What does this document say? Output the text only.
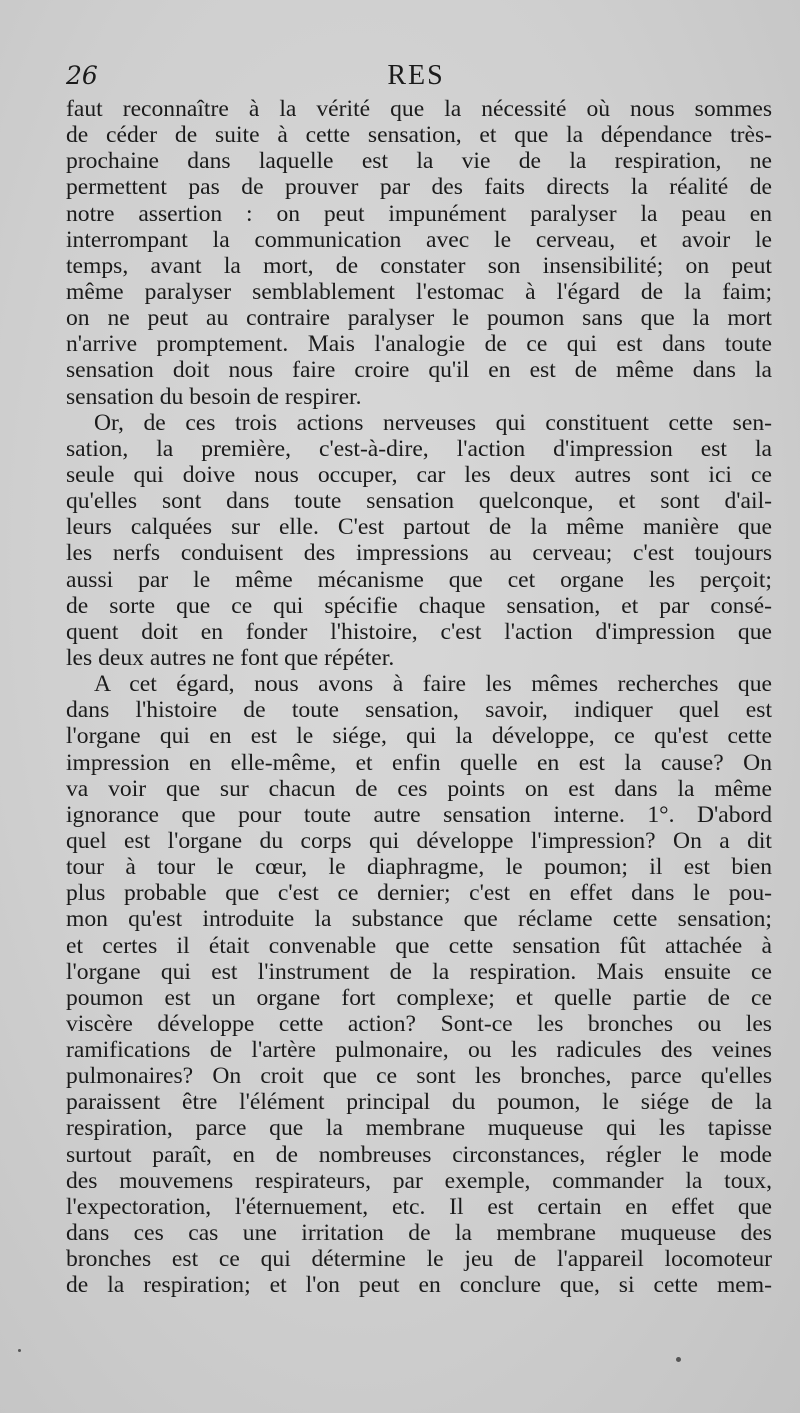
26	RES
faut reconnaître à la vérité que la nécessité où nous sommes
de céder de suite à cette sensation, et que la dépendance très-
prochaine dans laquelle est la vie de la respiration, ne
permettent pas de prouver par des faits directs la réalité de
notre assertion : on peut impunément paralyser la peau en
interrompant la communication avec le cerveau, et avoir le
temps, avant la mort, de constater son insensibilité; on peut
même paralyser semblablement l'estomac à l'égard de la faim;
on ne peut au contraire paralyser le poumon sans que la mort
n'arrive promptement. Mais l'analogie de ce qui est dans toute
sensation doit nous faire croire qu'il en est de même dans la
sensation du besoin de respirer.
Or, de ces trois actions nerveuses qui constituent cette sen-
sation, la première, c'est-à-dire, l'action d'impression est la
seule qui doive nous occuper, car les deux autres sont ici ce
qu'elles sont dans toute sensation quelconque, et sont d'ail-
leurs calquées sur elle. C'est partout de la même manière que
les nerfs conduisent des impressions au cerveau; c'est toujours
aussi par le même mécanisme que cet organe les perçoit;
de sorte que ce qui spécifie chaque sensation, et par consé-
quent doit en fonder l'histoire, c'est l'action d'impression que
les deux autres ne font que répéter.
A cet égard, nous avons à faire les mêmes recherches que
dans l'histoire de toute sensation, savoir, indiquer quel est
l'organe qui en est le siége, qui la développe, ce qu'est cette
impression en elle-même, et enfin quelle en est la cause? On
va voir que sur chacun de ces points on est dans la même
ignorance que pour toute autre sensation interne. 1°. D'abord
quel est l'organe du corps qui développe l'impression? On a dit
tour à tour le cœur, le diaphragme, le poumon; il est bien
plus probable que c'est ce dernier; c'est en effet dans le pou-
mon qu'est introduite la substance que réclame cette sensation;
et certes il était convenable que cette sensation fût attachée à
l'organe qui est l'instrument de la respiration. Mais ensuite ce
poumon est un organe fort complexe; et quelle partie de ce
viscère développe cette action? Sont-ce les bronches ou les
ramifications de l'artère pulmonaire, ou les radicules des veines
pulmonaires? On croit que ce sont les bronches, parce qu'elles
paraissent être l'élément principal du poumon, le siége de la
respiration, parce que la membrane muqueuse qui les tapisse
surtout paraît, en de nombreuses circonstances, régler le mode
des mouvemens respirateurs, par exemple, commander la toux,
l'expectoration, l'éternuement, etc. Il est certain en effet que
dans ces cas une irritation de la membrane muqueuse des
bronches est ce qui détermine le jeu de l'appareil locomoteur
de la respiration; et l'on peut en conclure que, si cette mem-
